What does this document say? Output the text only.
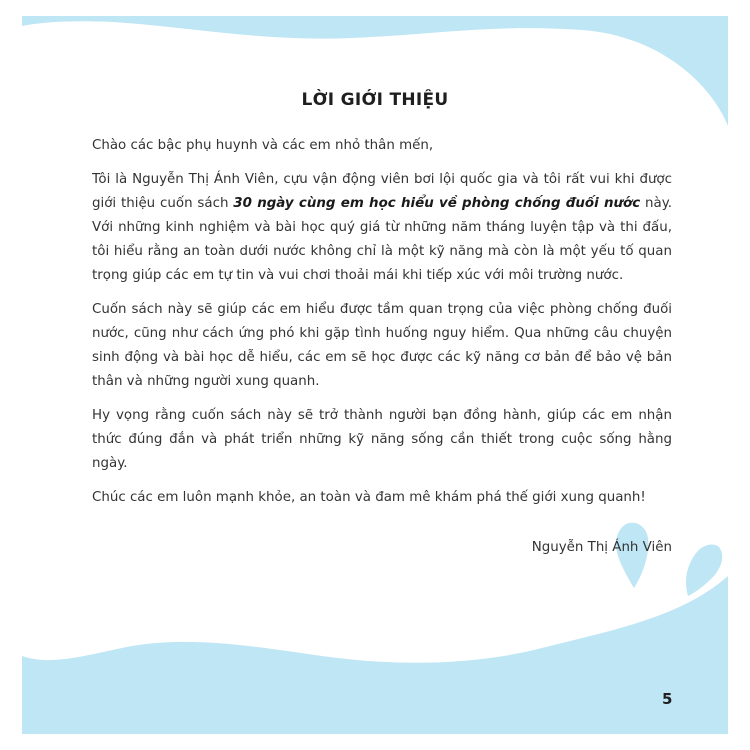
LỜI GIỚI THIỆU

Chào các bậc phụ huynh và các em nhỏ thân mến,

Tôi là Nguyễn Thị Ánh Viên, cựu vận động viên bơi lội quốc gia và tôi rất vui khi được giới thiệu cuốn sách 30 ngày cùng em học hiểu về phòng chống đuối nước này. Với những kinh nghiệm và bài học quý giá từ những năm tháng luyện tập và thi đấu, tôi hiểu rằng an toàn dưới nước không chỉ là một kỹ năng mà còn là một yếu tố quan trọng giúp các em tự tin và vui chơi thoải mái khi tiếp xúc với môi trường nước.

Cuốn sách này sẽ giúp các em hiểu được tầm quan trọng của việc phòng chống đuối nước, cũng như cách ứng phó khi gặp tình huống nguy hiểm. Qua những câu chuyện sinh động và bài học dễ hiểu, các em sẽ học được các kỹ năng cơ bản để bảo vệ bản thân và những người xung quanh.

Hy vọng rằng cuốn sách này sẽ trở thành người bạn đồng hành, giúp các em nhận thức đúng đắn và phát triển những kỹ năng sống cần thiết trong cuộc sống hằng ngày.

Chúc các em luôn mạnh khỏe, an toàn và đam mê khám phá thế giới xung quanh!

Nguyễn Thị Ánh Viên
5
